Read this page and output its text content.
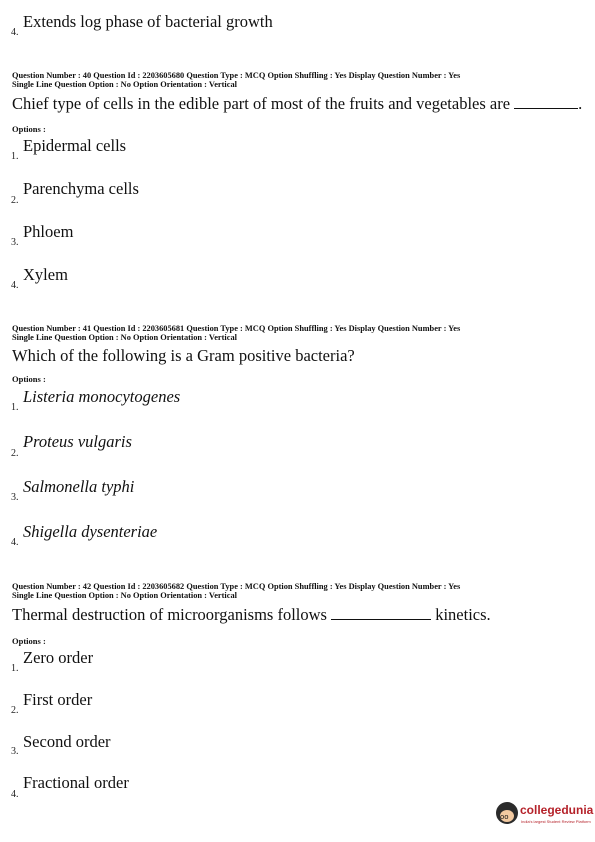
4.
Extends log phase of bacterial growth
Question Number : 40 Question Id : 2203605680 Question Type : MCQ Option Shuffling : Yes Display Question Number : Yes
Single Line Question Option : No Option Orientation : Vertical
Chief type of cells in the edible part of most of the fruits and vegetables are	.
Options :
1.
Epidermal cells
2.
Parenchyma cells
3.
Phloem
4.
Xylem
Question Number : 41 Question Id : 2203605681 Question Type : MCQ Option Shuffling : Yes Display Question Number : Yes
Single Line Question Option : No Option Orientation : Vertical
Which of the following is a Gram positive bacteria?
Options :
1.
Listeria monocytogenes
2.
Proteus vulgaris
3.
Salmonella typhi
4.
Shigella dysenteriae
Question Number : 42 Question Id : 2203605682 Question Type : MCQ Option Shuffling : Yes Display Question Number : Yes
Single Line Question Option : No Option Orientation : Vertical
Thermal destruction of microorganisms follows	kinetics.
Options :
1.
Zero order
2.
First order
3.
Second order
4.
Fractional order
oo collegedunia
India's largest Student Review Platform
